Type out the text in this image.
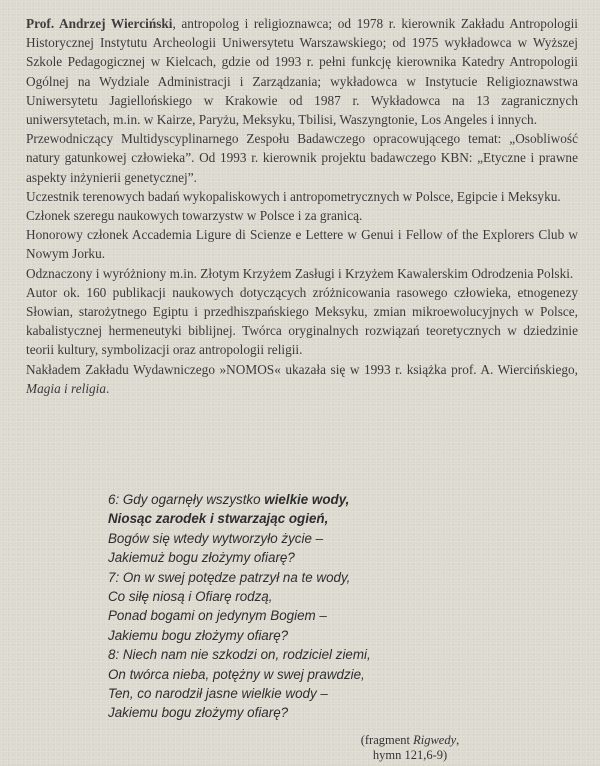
Prof. Andrzej Wierciński, antropolog i religioznawca; od 1978 r. kierownik Zakładu Antropologii Historycznej Instytutu Archeologii Uniwersytetu Warszawskiego; od 1975 wykładowca w Wyższej Szkole Pedagogicznej w Kielcach, gdzie od 1993 r. pełni funkcję kierownika Katedry Antropologii Ogólnej na Wydziale Administracji i Zarządzania; wykładowca w Instytucie Religioznawstwa Uniwersytetu Jagiellońskiego w Krakowie od 1987 r. Wykładowca na 13 zagranicznych uniwersytetach, m.in. w Kairze, Paryżu, Meksyku, Tbilisi, Waszyngtonie, Los Angeles i innych.

Przewodniczący Multidyscyplinarnego Zespołu Badawczego opracowującego temat: „Osobliwość natury gatunkowej człowieka”. Od 1993 r. kierownik projektu badawczego KBN: „Etyczne i prawne aspekty inżynierii genetycznej”.

Uczestnik terenowych badań wykopaliskowych i antropometrycznych w Polsce, Egipcie i Meksyku.

Członek szeregu naukowych towarzystw w Polsce i za granicą.

Honorowy członek Accademia Ligure di Scienze e Lettere w Genui i Fellow of the Explorers Club w Nowym Jorku.

Odznaczony i wyróżniony m.in. Złotym Krzyżem Zasługi i Krzyżem Kawalerskim Odrodzenia Polski.

Autor ok. 160 publikacji naukowych dotyczących zróżnicowania rasowego człowieka, etnogenezy Słowian, starożytnego Egiptu i przedhiszpańskiego Meksyku, zmian mikroewolucyjnych w Polsce, kabalistycznej hermeneutyki biblijnej. Twórca oryginalnych rozwiązań teoretycznych w dziedzinie teorii kultury, symbolizacji oraz antropologii religii.

Nakładem Zakładu Wydawniczego »NOMOS« ukazała się w 1993 r. książka prof. A. Wiercińskiego, Magia i religia.

6: Gdy ogarnęły wszystko wielkie wody,
Niosąc zarodek i stwarzając ogień,
Bogów się wtedy wytworzyło życie –
Jakiemuż bogu złożymy ofiarę?
7: On w swej potędze patrzył na te wody,
Co siłę niosą i Ofiarę rodzą,
Ponad bogami on jedynym Bogiem –
Jakiemu bogu złożymy ofiarę?
8: Niech nam nie szkodzi on, rodziciel ziemi,
On twórca nieba, potężny w swej prawdzie,
Ten, co narodził jasne wielkie wody –
Jakiemu bogu złożymy ofiarę?
(fragment Rigwedy,
hymn 121,6-9)
